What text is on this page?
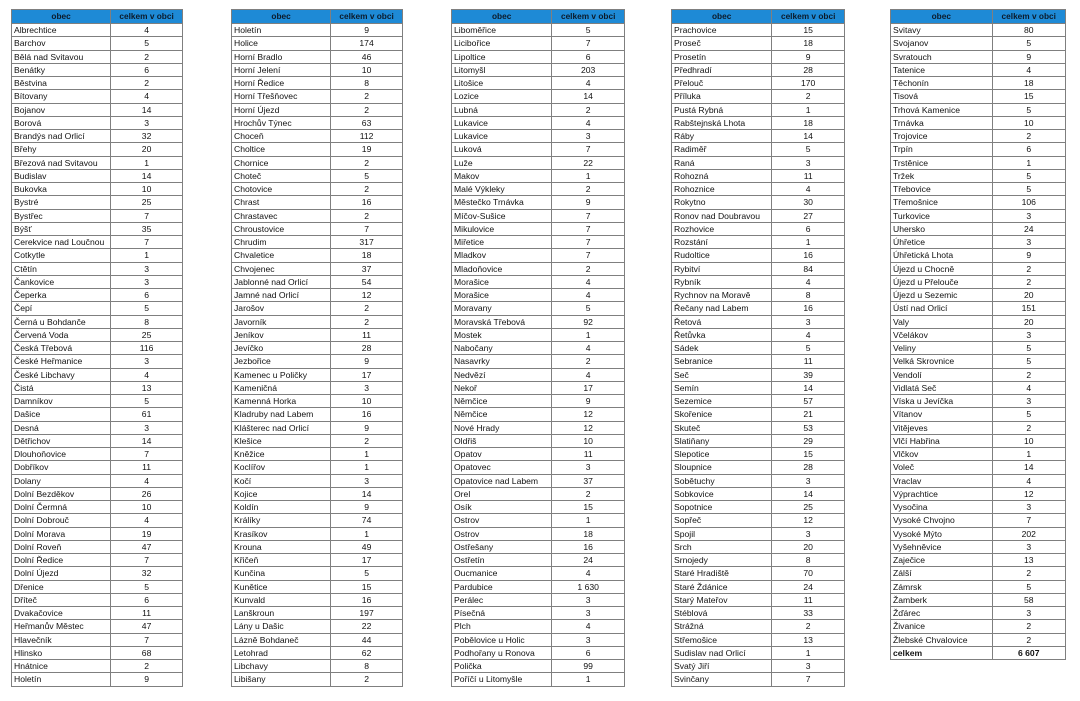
obec	celkem v obci
Albrechtice	4
Barchov	5
Bělá nad Svitavou	2
Benátky	6
Běstvina	2
Bítovany	4
Bojanov	14
Borová	3
Brandýs nad Orlicí	32
Břehy	20
Březová nad Svitavou	1
Budislav	14
Bukovka	10
Bystré	25
Bystřec	7
Býšť	35
Cerekvice nad Loučnou	7
Cotkytle	1
Ctětín	3
Čankovice	3
Čeperka	6
Čepí	5
Černá u Bohdanče	8
Červená Voda	25
Česká Třebová	116
České Heřmanice	3
České Libchavy	4
Čistá	13
Damníkov	5
Dašice	61
Desná	3
Dětřichov	14
Dlouhoňovice	7
Dobříkov	11
Dolany	4
Dolní Bezděkov	26
Dolní Čermná	10
Dolní Dobrouč	4
Dolní Morava	19
Dolní Roveň	47
Dolní Ředice	7
Dolní Újezd	32
Dřenice	5
Dříteč	6
Dvakačovice	11
Heřmanův Městec	47
Hlavečník	7
Hlinsko	68
Hnátnice	2
Holetín	9
obec	celkem v obci
Holetín	9
Holice	174
Horní Bradlo	46
Horní Jelení	10
Horní Ředice	8
Horní Třešňovec	2
Horní Újezd	2
Hrochův Týnec	63
Choceň	112
Choltice	19
Chornice	2
Choteč	5
Chotovice	2
Chrast	16
Chrastavec	2
Chroustovice	7
Chrudim	317
Chvaletice	18
Chvojenec	37
Jablonné nad Orlicí	54
Jamné nad Orlicí	12
Jarošov	2
Javorník	2
Jeníkov	11
Jevíčko	28
Jezbořice	9
Kamenec u Poličky	17
Kameničná	3
Kamenná Horka	10
Kladruby nad Labem	16
Klášterec nad Orlicí	9
Klešice	2
Kněžice	1
Koclířov	1
Kočí	3
Kojice	14
Koldín	9
Králíky	74
Krasíkov	1
Krouna	49
Křičeň	17
Kunčina	5
Kunětice	15
Kunvald	16
Lanškroun	197
Lány u Dašic	22
Lázně Bohdaneč	44
Letohrad	62
Libchavy	8
Libišany	2
obec	celkem v obci
Liboměřice	5
Licibořice	7
Lipoltice	6
Litomyšl	203
Litošice	4
Lozice	14
Lubná	2
Lukavice	4
Lukavice	3
Luková	7
Luže	22
Makov	1
Malé Výkleky	2
Městečko Trnávka	9
Míčov-Sušice	7
Mikulovice	7
Miřetice	7
Mladkov	7
Mladoňovice	2
Morašice	4
Morašice	4
Moravany	5
Moravská Třebová	92
Mostek	1
Nabočany	4
Nasavrky	2
Nedvězí	4
Nekoř	17
Němčice	9
Němčice	12
Nové Hrady	12
Oldřiš	10
Opatov	11
Opatovec	3
Opatovice nad Labem	37
Orel	2
Osík	15
Ostrov	1
Ostrov	18
Ostřešany	16
Ostřetín	24
Oucmanice	4
Pardubice	1 630
Perálec	3
Písečná	3
Plch	4
Pobělovice u Holic	3
Podhořany u Ronova	6
Polička	99
Poříčí u Litomyšle	1
obec	celkem v obci
Prachovice	15
Proseč	18
Prosetín	9
Předhradí	28
Přelouč	170
Příluka	2
Pustá Rybná	1
Rabštejnská Lhota	18
Ráby	14
Radiměř	5
Raná	3
Rohozná	11
Rohoznice	4
Rokytno	30
Ronov nad Doubravou	27
Rozhovice	6
Rozstání	1
Rudoltice	16
Rybitví	84
Rybník	4
Rychnov na Moravě	8
Řečany nad Labem	16
Řetová	3
Řetůvka	4
Sádek	5
Sebranice	11
Seč	39
Semín	14
Sezemice	57
Skořenice	21
Skuteč	53
Slatiňany	29
Slepotice	15
Sloupnice	28
Sobětuchy	3
Sobkovice	14
Sopotnice	25
Sopřeč	12
Spojil	3
Srch	20
Srnojedy	8
Staré Hradiště	70
Staré Ždánice	24
Starý Mateřov	11
Stéblová	33
Strážná	2
Střemošice	13
Sudislav nad Orlicí	1
Svatý Jiří	3
Svinčany	7
obec	celkem v obci
Svitavy	80
Svojanov	5
Svratouch	9
Tatenice	4
Těchonín	18
Tisová	15
Trhová Kamenice	5
Trnávka	10
Trojovice	2
Trpín	6
Trstěnice	1
Tržek	5
Třebovice	5
Třemošnice	106
Turkovice	3
Uhersko	24
Úhřetice	3
Úhřetická Lhota	9
Újezd u Chocně	2
Újezd u Přelouče	2
Újezd u Sezemic	20
Ústí nad Orlicí	151
Valy	20
Včelákov	3
Veliny	5
Velká Skrovnice	5
Vendolí	2
Vidlatá Seč	4
Víska u Jevíčka	3
Vítanov	5
Vitějeves	2
Vlčí Habřina	10
Vlčkov	1
Voleč	14
Vraclav	4
Výprachtice	12
Vysočina	3
Vysoké Chvojno	7
Vysoké Mýto	202
Vyšehněvice	3
Zaječice	13
Zálší	2
Zámrsk	5
Žamberk	58
Žďárec	3
Živanice	2
Žlebské Chvalovice	2
celkem	6 607
